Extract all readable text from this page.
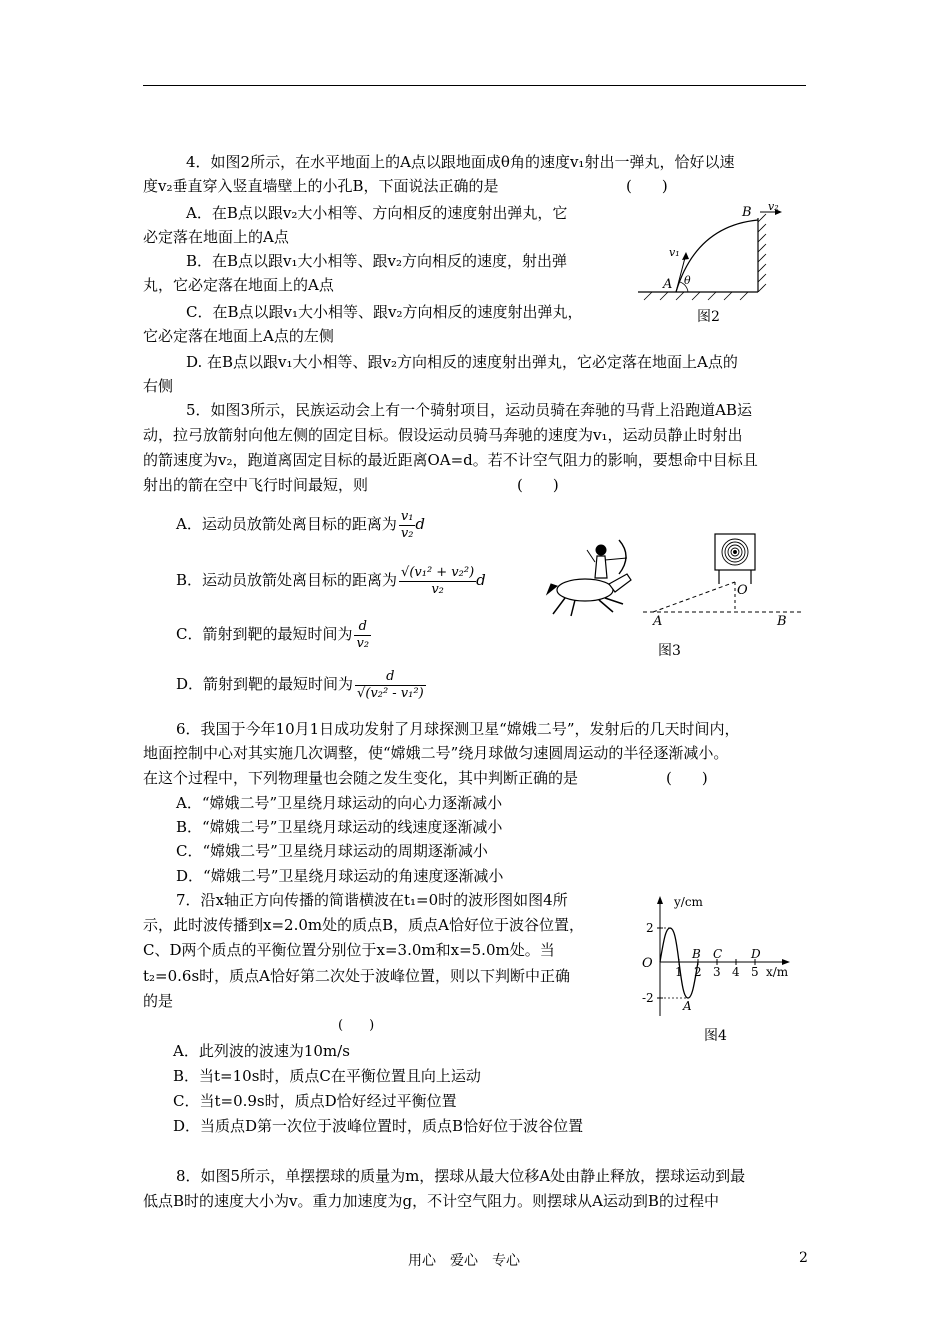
4．如图2所示，在水平地面上的A点以跟地面成θ角的速度v₁射出一弹丸，恰好以速
度v₂垂直穿入竖直墙壁上的小孔B，下面说法正确的是	(　　)
A．在B点以跟v₂大小相等、方向相反的速度射出弹丸，它
必定落在地面上的A点
B．在B点以跟v₁大小相等、跟v₂方向相反的速度，射出弹
丸，它必定落在地面上的A点
C．在B点以跟v₁大小相等、跟v₂方向相反的速度射出弹丸，
它必定落在地面上A点的左侧
D. 在B点以跟v₁大小相等、跟v₂方向相反的速度射出弹丸，它必定落在地面上A点的
右侧
B v₂
v₁
A θ
图2
5．如图3所示，民族运动会上有一个骑射项目，运动员骑在奔驰的马背上沿跑道AB运
动，拉弓放箭射向他左侧的固定目标。假设运动员骑马奔驰的速度为v₁，运动员静止时射出
的箭速度为v₂，跑道离固定目标的最近距离OA=d。若不计空气阻力的影响，要想命中目标且
射出的箭在空中飞行时间最短，则	(　　)
A．运动员放箭处离目标的距离为 $\frac{\text{v₁}}{\text{v₂}}$ d
B．运动员放箭处离目标的距离为 $\frac{\text{√(v₁² + v₂²)}}{\text{v₂}}$ d
C．箭射到靶的最短时间为 $\frac{d}{\text{v₂}}$
D．箭射到靶的最短时间为 $\frac{d}{\text{√(v₂² - v₁²)}}$
O
A	B
图3
6．我国于今年10月1日成功发射了月球探测卫星“嫦娥二号”，发射后的几天时间内，
地面控制中心对其实施几次调整，使“嫦娥二号”绕月球做匀速圆周运动的半径逐渐减小。
在这个过程中，下列物理量也会随之发生变化，其中判断正确的是	(　　)
A．“嫦娥二号”卫星绕月球运动的向心力逐渐减小
B．“嫦娥二号”卫星绕月球运动的线速度逐渐减小
C．“嫦娥二号”卫星绕月球运动的周期逐渐减小
D．“嫦娥二号”卫星绕月球运动的角速度逐渐减小
7．沿x轴正方向传播的简谐横波在t₁=0时的波形图如图4所
示，此时波传播到x=2.0m处的质点B，质点A恰好位于波谷位置，
C、D两个质点的平衡位置分别位于x=3.0m和x=5.0m处。当
t₂=0.6s时，质点A恰好第二次处于波峰位置，则以下判断中正确
的是
(　　)
A．此列波的波速为10m/s
B．当t=10s时，质点C在平衡位置且向上运动
C．当t=0.9s时，质点D恰好经过平衡位置
D．当质点D第一次位于波峰位置时，质点B恰好位于波谷位置
y/cm
x/m
O
2
-2
1 2 3 4 5
B C D
A
图4
8．如图5所示，单摆摆球的质量为m，摆球从最大位移A处由静止释放，摆球运动到最
低点B时的速度大小为v。重力加速度为g，不计空气阻力。则摆球从A运动到B的过程中
用心　爱心　专心	2
